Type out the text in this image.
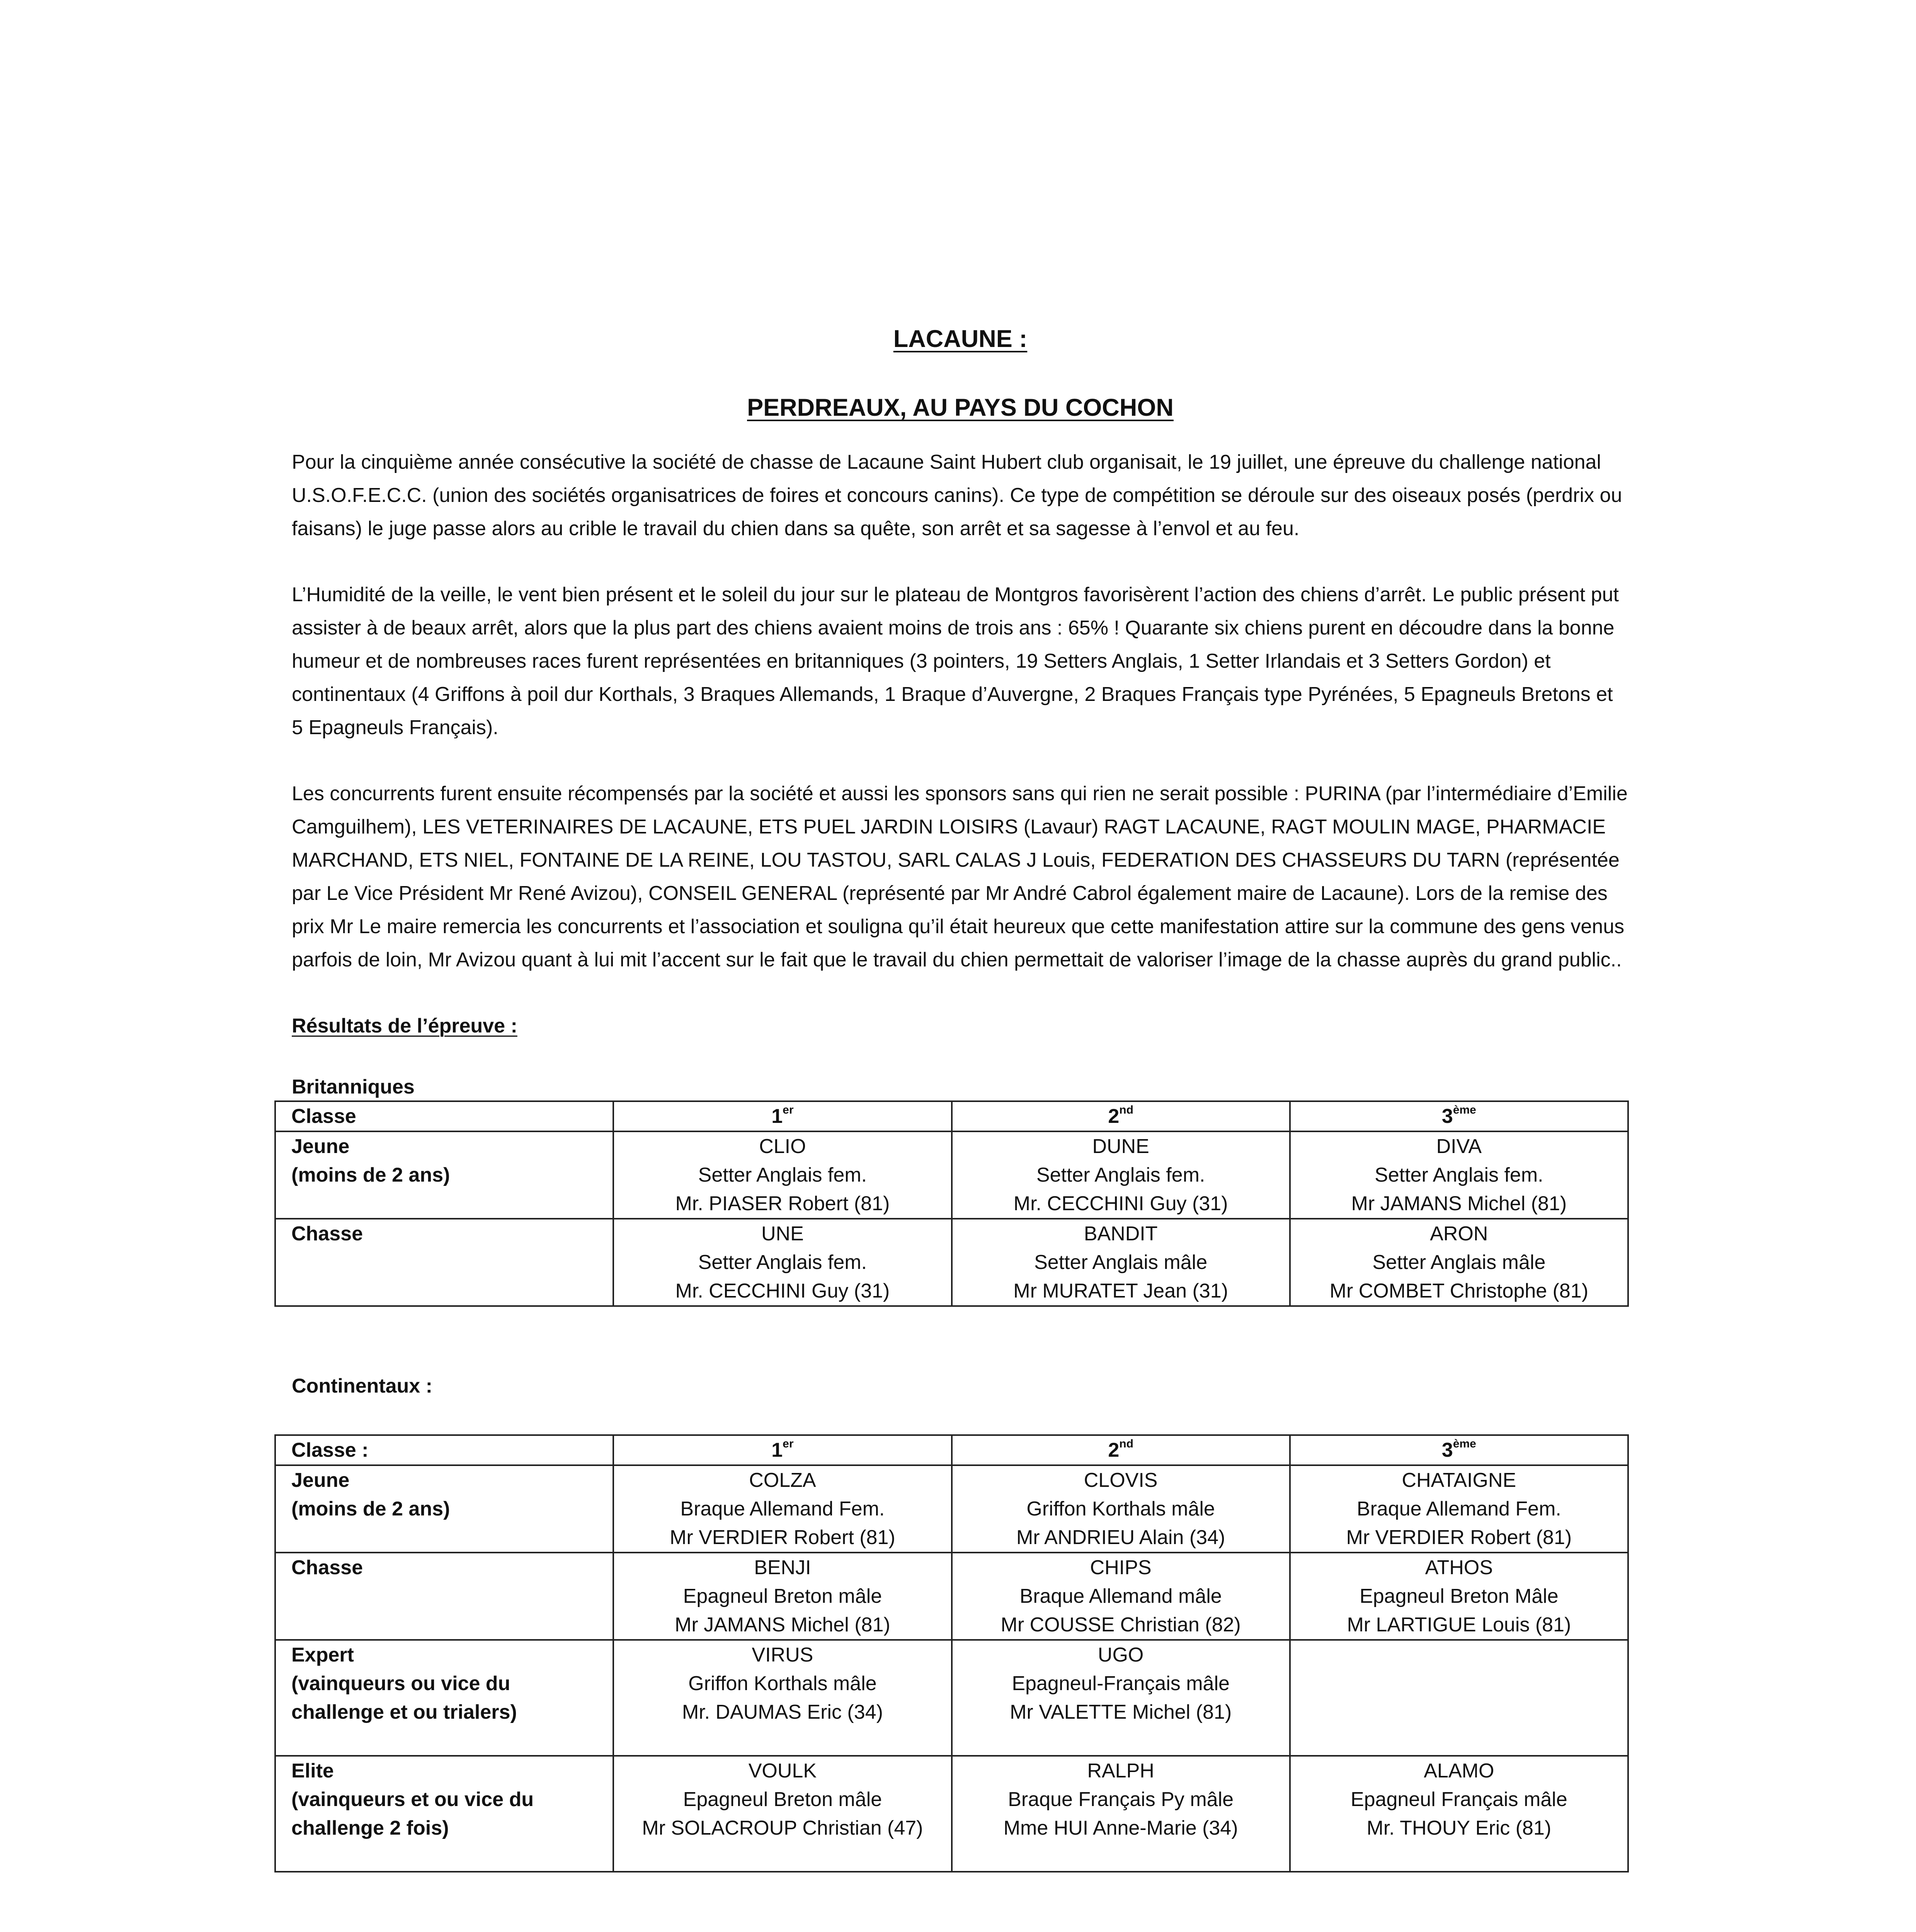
LACAUNE :
PERDREAUX, AU PAYS DU COCHON

Pour la cinquième année consécutive la société de chasse de Lacaune Saint Hubert club organisait, le 19 juillet, une épreuve du challenge national U.S.O.F.E.C.C. (union des sociétés organisatrices de foires et concours canins). Ce type de compétition se déroule sur des oiseaux posés (perdrix ou faisans) le juge passe alors au crible le travail du chien dans sa quête, son arrêt et sa sagesse à l’envol et au feu.

L’Humidité de la veille, le vent bien présent et le soleil du jour sur le plateau de Montgros favorisèrent l’action des chiens d’arrêt. Le public présent put assister à de beaux arrêt, alors que la plus part des chiens avaient moins de trois ans : 65% ! Quarante six chiens purent en découdre dans la bonne humeur et de nombreuses races furent représentées en britanniques (3 pointers, 19 Setters Anglais, 1 Setter Irlandais et 3 Setters Gordon) et continentaux (4 Griffons à poil dur Korthals, 3 Braques Allemands, 1 Braque d’Auvergne, 2 Braques Français type Pyrénées, 5 Epagneuls Bretons et 5 Epagneuls Français).

Les concurrents furent ensuite récompensés par la société et aussi les sponsors sans qui rien ne serait possible : PURINA (par l’intermédiaire d’Emilie Camguilhem), LES VETERINAIRES DE LACAUNE, ETS PUEL JARDIN LOISIRS (Lavaur) RAGT LACAUNE, RAGT MOULIN MAGE, PHARMACIE MARCHAND, ETS NIEL, FONTAINE DE LA REINE, LOU TASTOU, SARL CALAS J Louis, FEDERATION DES CHASSEURS DU TARN (représentée par Le Vice Président Mr René Avizou), CONSEIL GENERAL (représenté par Mr André Cabrol également maire de Lacaune). Lors de la remise des prix Mr Le maire remercia les concurrents et l’association et souligna qu’il était heureux que cette manifestation attire sur la commune des gens venus parfois de loin, Mr Avizou quant à lui mit l’accent sur le fait que le travail du chien permettait de valoriser l’image de la chasse auprès du grand public..

Résultats de l’épreuve :
Britanniques
Classe	1er	2nd	3ème

Jeune
(moins de 2 ans)	CLIO
Setter Anglais fem.
Mr. PIASER Robert (81)	DUNE
Setter Anglais fem.
Mr. CECCHINI Guy (31)	DIVA
Setter Anglais fem.
Mr JAMANS Michel (81)

Chasse	UNE
Setter Anglais fem.
Mr. CECCHINI Guy (31)	BANDIT
Setter Anglais mâle
Mr MURATET Jean (31)	ARON
Setter Anglais mâle
Mr COMBET Christophe (81)
Continentaux :
Classe :	1er	2nd	3ème

Jeune
(moins de 2 ans)	COLZA
Braque Allemand Fem.
Mr VERDIER Robert (81)	CLOVIS
Griffon Korthals mâle
Mr ANDRIEU Alain (34)	CHATAIGNE
Braque Allemand Fem.
Mr VERDIER Robert (81)

Chasse	BENJI
Epagneul Breton mâle
Mr JAMANS Michel (81)	CHIPS
Braque Allemand mâle
Mr COUSSE Christian (82)	ATHOS
Epagneul Breton Mâle
Mr LARTIGUE Louis (81)

Expert
(vainqueurs ou vice du
challenge et ou trialers)	VIRUS
Griffon Korthals mâle
Mr. DAUMAS Eric (34)	UGO
Epagneul-Français mâle
Mr VALETTE Michel (81)	

Elite
(vainqueurs et ou vice du
challenge 2 fois)	VOULK
Epagneul Breton mâle
Mr SOLACROUP Christian (47)	RALPH
Braque Français Py mâle
Mme HUI Anne-Marie (34)	ALAMO
Epagneul Français mâle
Mr. THOUY Eric (81)
